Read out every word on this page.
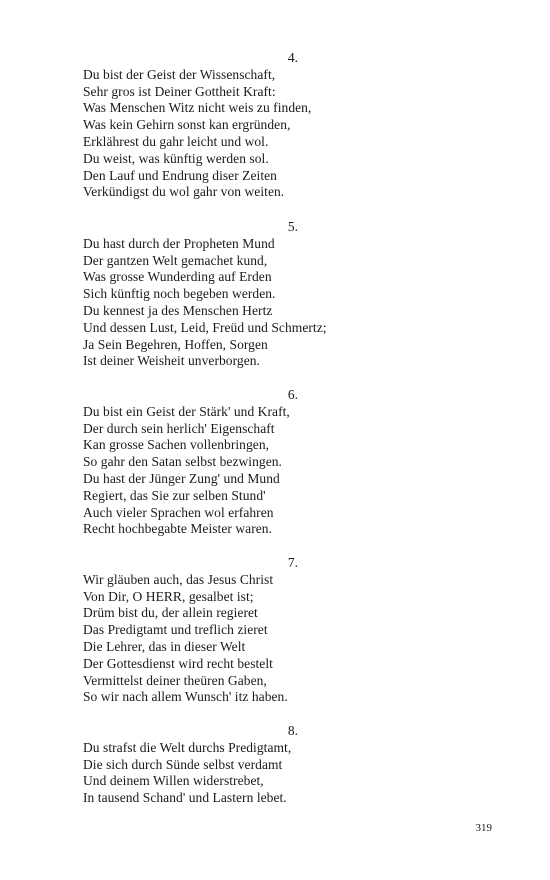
4.
Du bist der Geist der Wissenschaft,
Sehr gros ist Deiner Gottheit Kraft:
Was Menschen Witz nicht weis zu finden,
Was kein Gehirn sonst kan ergründen,
Erklährest du gahr leicht und wol.
Du weist, was künftig werden sol.
Den Lauf und Endrung diser Zeiten
Verkündigst du wol gahr von weiten.
5.
Du hast durch der Propheten Mund
Der gantzen Welt gemachet kund,
Was grosse Wunderding auf Erden
Sich künftig noch begeben werden.
Du kennest ja des Menschen Hertz
Und dessen Lust, Leid, Freüd und Schmertz;
Ja Sein Begehren, Hoffen, Sorgen
Ist deiner Weisheit unverborgen.
6.
Du bist ein Geist der Stärk' und Kraft,
Der durch sein herlich' Eigenschaft
Kan grosse Sachen vollenbringen,
So gahr den Satan selbst bezwingen.
Du hast der Jünger Zung' und Mund
Regiert, das Sie zur selben Stund'
Auch vieler Sprachen wol erfahren
Recht hochbegabte Meister waren.
7.
Wir gläuben auch, das Jesus Christ
Von Dir, O HERR, gesalbet ist;
Drüm bist du, der allein regieret
Das Predigtamt und treflich zieret
Die Lehrer, das in dieser Welt
Der Gottesdienst wird recht bestelt
Vermittelst deiner theüren Gaben,
So wir nach allem Wunsch' itz haben.
8.
Du strafst die Welt durchs Predigtamt,
Die sich durch Sünde selbst verdamt
Und deinem Willen widerstrebet,
In tausend Schand' und Lastern lebet.
319
